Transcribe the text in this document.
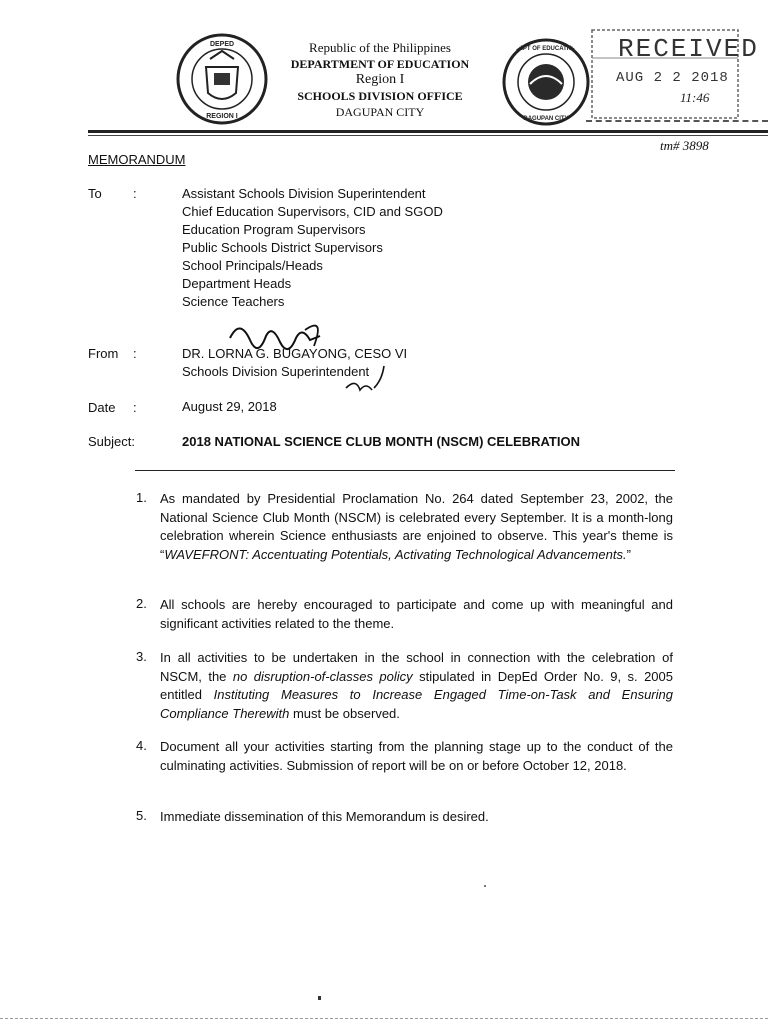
DEPED
REGION I
Republic of the Philippines
DEPARTMENT OF EDUCATION
Region I
SCHOOLS DIVISION OFFICE
DAGUPAN CITY
DEPT OF EDUCATION
DAGUPAN CITY
RECEIVED
AUG 2 2 2018
11:46
tm# 3898
MEMORANDUM
To :	Assistant Schools Division Superintendent
Chief Education Supervisors, CID and SGOD
Education Program Supervisors
Public Schools District Supervisors
School Principals/Heads
Department Heads
Science Teachers
From :	DR. LORNA G. BUGAYONG, CESO VI
Schools Division Superintendent
Date :	August 29, 2018
Subject:	2018 NATIONAL SCIENCE CLUB MONTH (NSCM) CELEBRATION
1. As mandated by Presidential Proclamation No. 264 dated September 23, 2002, the National Science Club Month (NSCM) is celebrated every September. It is a month-long celebration wherein Science enthusiasts are enjoined to observe. This year's theme is “WAVEFRONT: Accentuating Potentials, Activating Technological Advancements.”
2. All schools are hereby encouraged to participate and come up with meaningful and significant activities related to the theme.
3. In all activities to be undertaken in the school in connection with the celebration of NSCM, the no disruption-of-classes policy stipulated in DepEd Order No. 9, s. 2005 entitled Instituting Measures to Increase Engaged Time-on-Task and Ensuring Compliance Therewith must be observed.
4. Document all your activities starting from the planning stage up to the conduct of the culminating activities. Submission of report will be on or before October 12, 2018.
5. Immediate dissemination of this Memorandum is desired.
